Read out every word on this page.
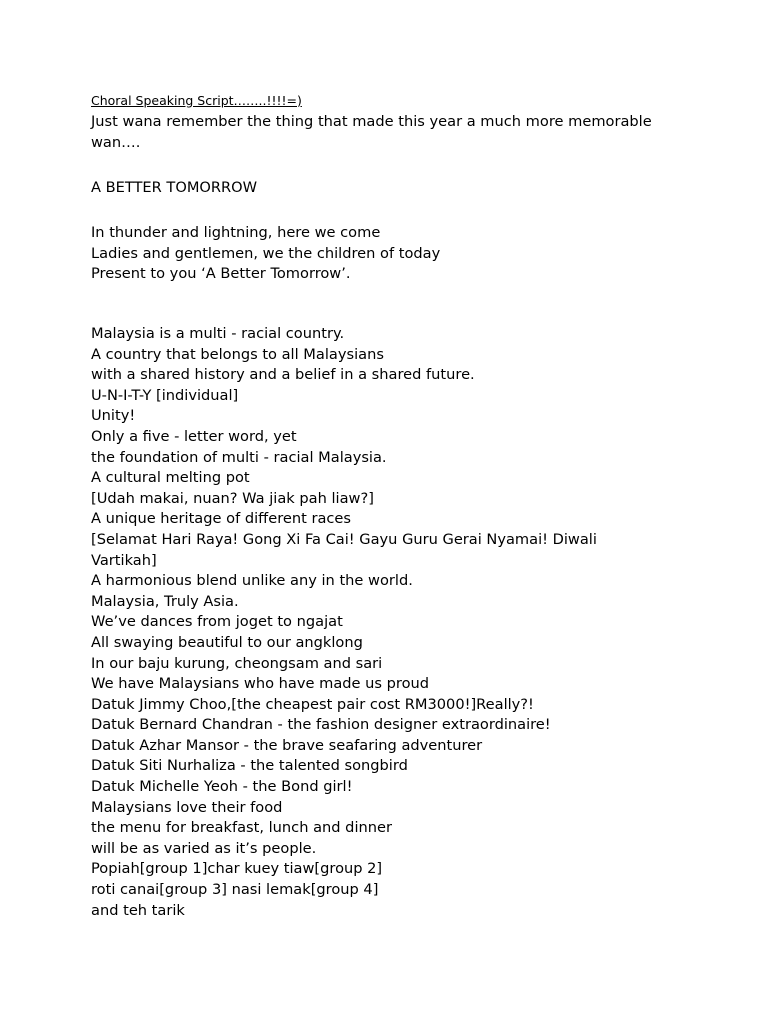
Choral Speaking Script……..!!!!=)
Just wana remember the thing that made this year a much more memorable
wan….
A BETTER TOMORROW
In thunder and lightning, here we come
Ladies and gentlemen, we the children of today
Present to you ‘A Better Tomorrow’.
Malaysia is a multi - racial country.
A country that belongs to all Malaysians
with a shared history and a belief in a shared future.
U-N-I-T-Y [individual]
Unity!
Only a five - letter word, yet
the foundation of multi - racial Malaysia.
A cultural melting pot
[Udah makai, nuan? Wa jiak pah liaw?]
A unique heritage of different races
[Selamat Hari Raya! Gong Xi Fa Cai! Gayu Guru Gerai Nyamai! Diwali
Vartikah]
A harmonious blend unlike any in the world.
Malaysia, Truly Asia.
We’ve dances from joget to ngajat
All swaying beautiful to our angklong
In our baju kurung, cheongsam and sari
We have Malaysians who have made us proud
Datuk Jimmy Choo,[the cheapest pair cost RM3000!]Really?!
Datuk Bernard Chandran - the fashion designer extraordinaire!
Datuk Azhar Mansor - the brave seafaring adventurer
Datuk Siti Nurhaliza - the talented songbird
Datuk Michelle Yeoh - the Bond girl!
Malaysians love their food
the menu for breakfast, lunch and dinner
will be as varied as it’s people.
Popiah[group 1]char kuey tiaw[group 2]
roti canai[group 3] nasi lemak[group 4]
and teh tarik
